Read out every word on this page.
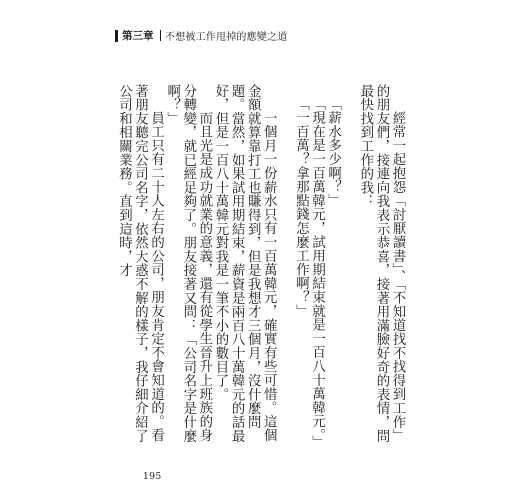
第三章	不想被工作甩掉的應變之道

經常一起抱怨「討厭讀書」、「不知道找不找得到工作」的朋友們，接連向我表示恭喜，接著用滿臉好奇的表情，問最快找到工作的我：

「薪水多少啊？」

「現在是一百萬韓元，試用期結束就是一百八十萬韓元。」

「一百萬？拿那點錢怎麼工作啊？」

一個月一份薪水只有一百萬韓元，確實有些可惜。這個金額就算靠打工也賺得到，但是我想才三個月，沒什麼問題。當然，如果試用期結束，薪資是兩百八十萬韓元的話最好，但是一百八十萬韓元對我是一筆不小的數目了。

而且光是成功就業的意義，還有從學生晉升上班族的身分轉變，就已經足夠了。朋友接著又問：「公司名字是什麼啊？」

員工只有二十人左右的公司，朋友肯定不會知道的。看著朋友聽完公司名字，依然大惑不解的樣子，我仔細介紹了公司和相關業務。直到這時，才

195
